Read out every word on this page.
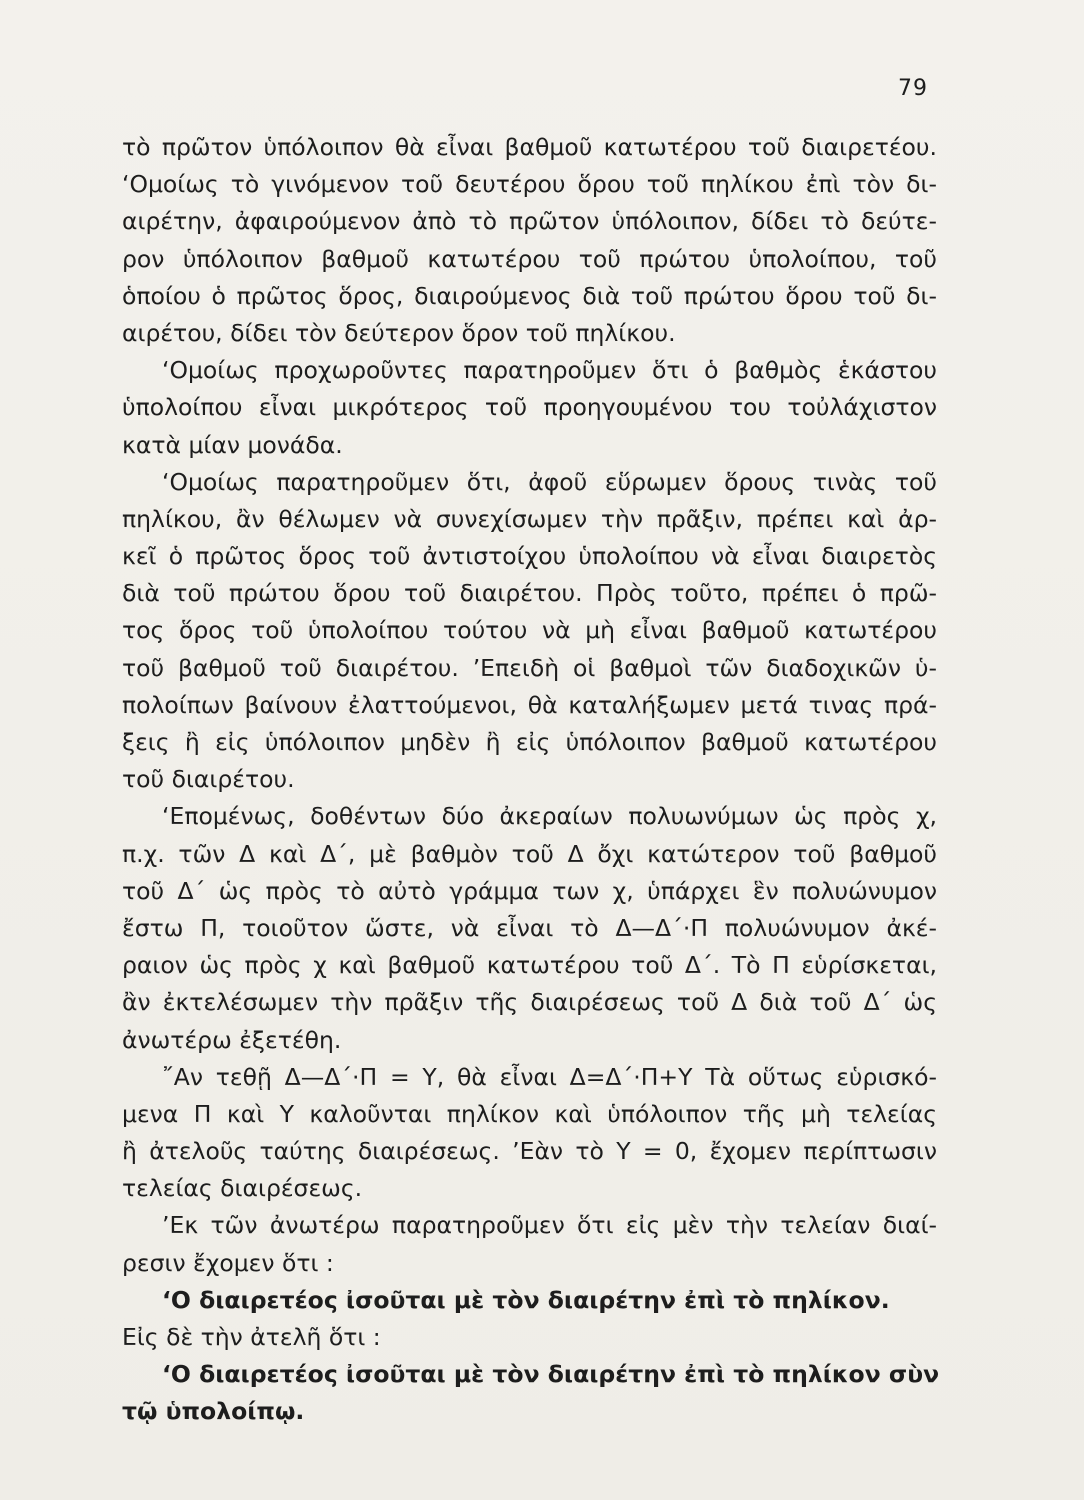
79
τὸ πρῶτον ὑπόλοιπον θὰ εἶναι βαθμοῦ κατωτέρου τοῦ διαιρετέου.
‘Ομοίως τὸ γινόμενον τοῦ δευτέρου ὅρου τοῦ πηλίκου ἐπὶ τὸν δι-
αιρέτην, ἀφαιρούμενον ἀπὸ τὸ πρῶτον ὑπόλοιπον, δίδει τὸ δεύτε-
ρον ὑπόλοιπον βαθμοῦ κατωτέρου τοῦ πρώτου ὑπολοίπου, τοῦ
ὁποίου ὁ πρῶτος ὅρος, διαιρούμενος διὰ τοῦ πρώτου ὅρου τοῦ δι-
αιρέτου, δίδει τὸν δεύτερον ὅρον τοῦ πηλίκου.
‘Ομοίως προχωροῦντες παρατηροῦμεν ὅτι ὁ βαθμὸς ἑκάστου
ὑπολοίπου εἶναι μικρότερος τοῦ προηγουμένου του τοὐλάχιστον
κατὰ μίαν μονάδα.
‘Ομοίως παρατηροῦμεν ὅτι, ἀφοῦ εὕρωμεν ὅρους τινὰς τοῦ
πηλίκου, ἂν θέλωμεν νὰ συνεχίσωμεν τὴν πρᾶξιν, πρέπει καὶ ἀρ-
κεῖ ὁ πρῶτος ὅρος τοῦ ἀντιστοίχου ὑπολοίπου νὰ εἶναι διαιρετὸς
διὰ τοῦ πρώτου ὅρου τοῦ διαιρέτου. Πρὸς τοῦτο, πρέπει ὁ πρῶ-
τος ὅρος τοῦ ὑπολοίπου τούτου νὰ μὴ εἶναι βαθμοῦ κατωτέρου
τοῦ βαθμοῦ τοῦ διαιρέτου. ’Επειδὴ οἱ βαθμοὶ τῶν διαδοχικῶν ὑ-
πολοίπων βαίνουν ἐλαττούμενοι, θὰ καταλήξωμεν μετά τινας πρά-
ξεις ἢ εἰς ὑπόλοιπον μηδὲν ἢ εἰς ὑπόλοιπον βαθμοῦ κατωτέρου
τοῦ διαιρέτου.
‘Επομένως, δοθέντων δύο ἀκεραίων πολυωνύμων ὡς πρὸς χ,
π.χ. τῶν Δ καὶ Δ΄, μὲ βαθμὸν τοῦ Δ ὄχι κατώτερον τοῦ βαθμοῦ
τοῦ Δ΄ ὡς πρὸς τὸ αὐτὸ γράμμα των χ, ὑπάρχει ἓν πολυώνυμον
ἔστω Π, τοιοῦτον ὥστε, νὰ εἶναι τὸ Δ—Δ΄·Π πολυώνυμον ἀκέ-
ραιον ὡς πρὸς χ καὶ βαθμοῦ κατωτέρου τοῦ Δ΄. Τὸ Π εὑρίσκεται,
ἂν ἐκτελέσωμεν τὴν πρᾶξιν τῆς διαιρέσεως τοῦ Δ διὰ τοῦ Δ΄ ὡς
ἀνωτέρω ἐξετέθη.
῎Αν τεθῇ Δ—Δ΄·Π = Υ, θὰ εἶναι Δ=Δ΄·Π+Υ Τὰ οὕτως εὑρισκό-
μενα Π καὶ Υ καλοῦνται πηλίκον καὶ ὑπόλοιπον τῆς μὴ τελείας
ἢ ἀτελοῦς ταύτης διαιρέσεως. ’Εὰν τὸ Υ = 0, ἔχομεν περίπτωσιν
τελείας διαιρέσεως.
’Εκ τῶν ἀνωτέρω παρατηροῦμεν ὅτι εἰς μὲν τὴν τελείαν διαί-
ρεσιν ἔχομεν ὅτι :
‘Ο διαιρετέος ἰσοῦται μὲ τὸν διαιρέτην ἐπὶ τὸ πηλίκον.
Εἰς δὲ τὴν ἀτελῆ ὅτι :
‘Ο διαιρετέος ἰσοῦται μὲ τὸν διαιρέτην ἐπὶ τὸ πηλίκον σὺν
τῷ ὑπολοίπῳ.
